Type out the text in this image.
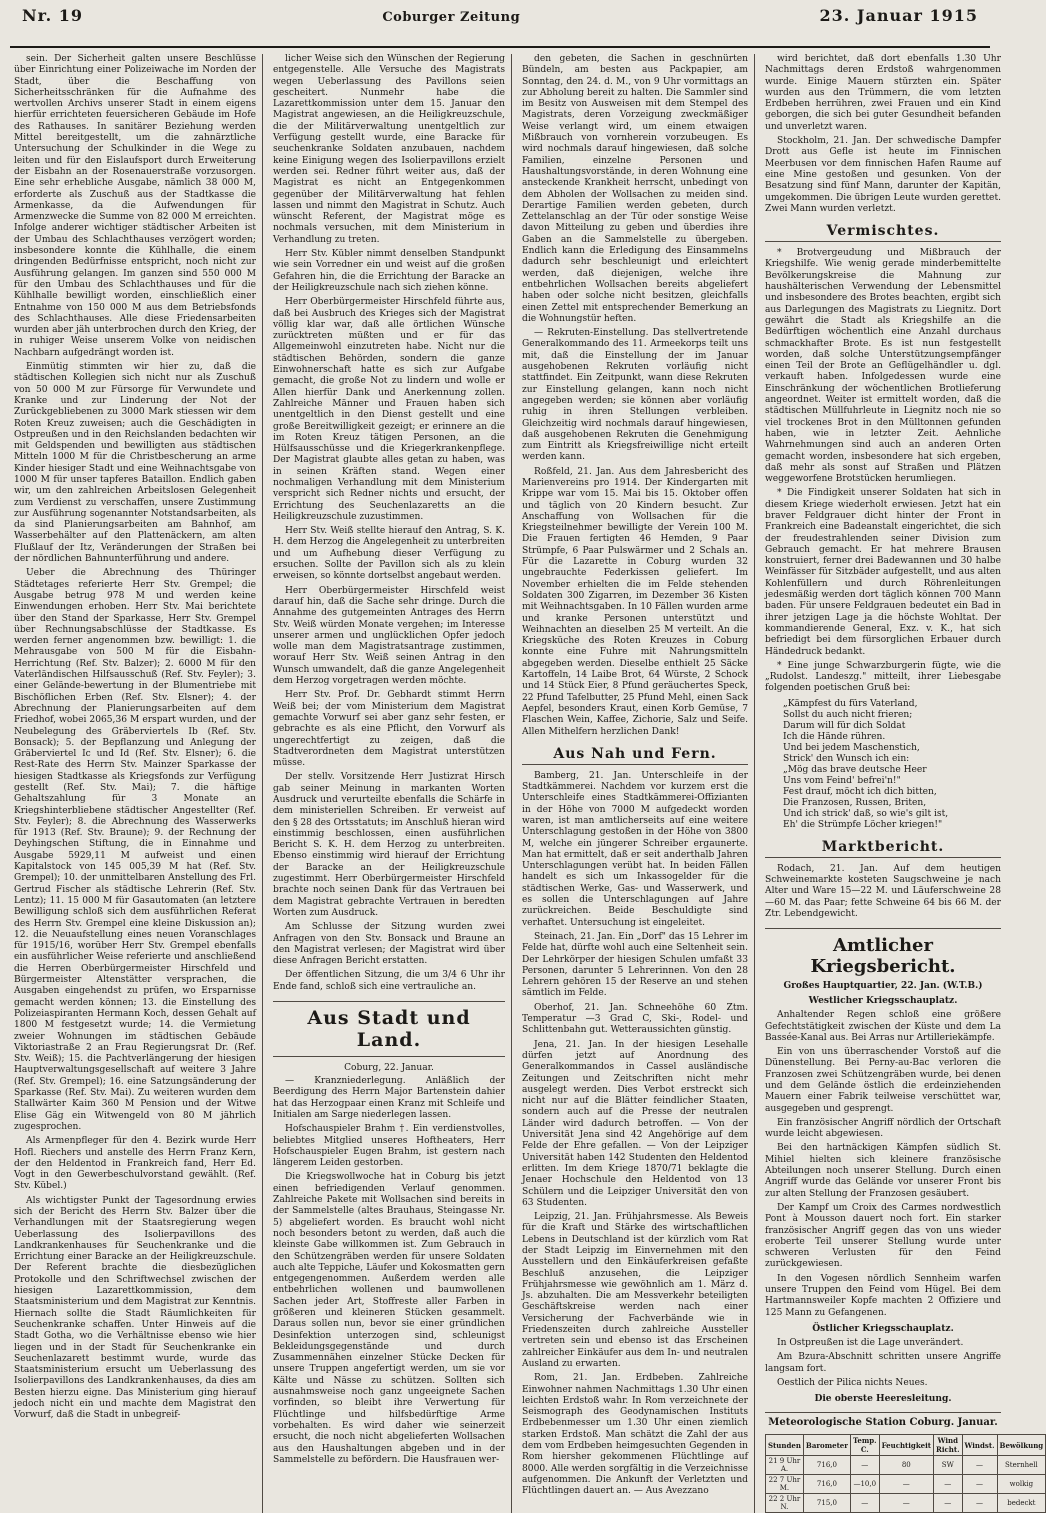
Nr. 19	Coburger Zeitung	23. Januar 1915

sein. Der Sicherheit galten unsere Beschlüsse über Einrichtung einer Polizeiwache im Norden der Stadt, über die Beschaffung von Sicherheitsschränken für die Aufnahme des wertvollen Archivs unserer Stadt in einem eigens hierfür errichteten feuersicheren Gebäude im Hofe des Rathauses. In sanitärer Beziehung werden Mittel bereitgestellt, um die zahnärztliche Untersuchung der Schulkinder in die Wege zu leiten und für den Eislaufsport durch Erweiterung der Eisbahn an der Rosenauerstraße vorzusorgen. Eine sehr erhebliche Ausgabe, nämlich 38 000 M, erforderte als Zuschuß aus der Stadtkasse die Armenkasse, da die Aufwendungen für Armenzwecke die Summe von 82 000 M erreichten. Infolge anderer wichtiger städtischer Arbeiten ist der Umbau des Schlachthauses verzögert worden; insbesondere konnte die Kühlhalle, die einem dringenden Bedürfnisse entspricht, noch nicht zur Ausführung gelangen. Im ganzen sind 550 000 M für den Umbau des Schlachthauses und für die Kühlhalle bewilligt worden, einschließlich einer Entnahme von 150 000 M aus dem Betriebsfonds des Schlachthauses. Alle diese Friedensarbeiten wurden aber jäh unterbrochen durch den Krieg, der in ruhiger Weise unserem Volke von neidischen Nachbarn aufgedrängt worden ist.

Einmütig stimmten wir hier zu, daß die städtischen Kollegien sich nicht nur als Zuschuß von 50 000 M zur Fürsorge für Verwundete und Kranke und zur Linderung der Not der Zurückgebliebenen zu 3000 Mark stiessen wir dem Roten Kreuz zuweisen; auch die Geschädigten in Ostpreußen und in den Reichslanden bedachten wir mit Geldspenden und bewilligten aus städtischen Mitteln 1000 M für die Christbescherung an arme Kinder hiesiger Stadt und eine Weihnachtsgabe von 1000 M für unser tapferes Bataillon. Endlich gaben wir, um den zahlreichen Arbeitslosen Gelegenheit zum Verdienst zu verschaffen, unsere Zustimmung zur Ausführung sogenannter Notstandsarbeiten, als da sind Planierungsarbeiten am Bahnhof, am Wasserbehälter auf den Plattenäckern, am alten Flußlauf der Itz, Veränderungen der Straßen bei der nördlichen Bahnunterführung und andere.

Ueber die Abrechnung des Thüringer Städtetages referierte Herr Stv. Grempel; die Ausgabe betrug 978 M und werden keine Einwendungen erhoben. Herr Stv. Mai berichtete über den Stand der Sparkasse, Herr Stv. Grempel über Rechnungsabschlüsse der Stadtkasse. Es werden ferner angenommen bzw. bewilligt: 1. die Mehrausgabe von 500 M für die Eisbahn-Herrichtung (Ref. Stv. Balzer); 2. 6000 M für den Vaterländischen Hilfsausschuß (Ref. Stv. Feyler); 3. einer Gelände-bewertung in der Blumentriebe mit Bischöflichen Erben (Ref. Stv. Elsner); 4. der Abrechnung der Planierungsarbeiten auf dem Friedhof, wobei 2065,36 M erspart wurden, und der Neubelegung des Gräberviertels Ib (Ref. Stv. Bonsack); 5. der Bepflanzung und Anlegung der Gräberviertel Ic und Id (Ref. Stv. Elsner); 6. die Rest-Rate des Herrn Stv. Mainzer Sparkasse der hiesigen Stadtkasse als Kriegsfonds zur Verfügung gestellt (Ref. Stv. Mai); 7. die häftige Gehaltszahlung für 3 Monate an Kriegshinterbliebene städtischer Angestellter (Ref. Stv. Feyler); 8. die Abrechnung des Wasserwerks für 1913 (Ref. Stv. Braune); 9. der Rechnung der Deyhingschen Stiftung, die in Einnahme und Ausgabe 5929,11 M aufweist und einen Kapitalstock von 145 005,39 M hat (Ref. Stv. Grempel); 10. der unmittelbaren Anstellung des Frl. Gertrud Fischer als städtische Lehrerin (Ref. Stv. Lentz); 11. 15 000 M für Gasautomaten (an letztere Bewilligung schloß sich dem ausführlichen Referat des Herrn Stv. Grempel eine kleine Diskussion an); 12. die Neuaufstellung eines neuen Voranschlages für 1915/16, worüber Herr Stv. Grempel ebenfalls ein ausführlicher Weise referierte und anschließend die Herren Oberbürgermeister Hirschfeld und Bürgermeister Altenstätter versprachen, die Ausgaben eingehendst zu prüfen, wo Ersparnisse gemacht werden können; 13. die Einstellung des Polizeiaspiranten Hermann Koch, dessen Gehalt auf 1800 M festgesetzt wurde; 14. die Vermietung zweier Wohnungen im städtischen Gebäude Viktoriastraße 2 an Frau Regierungsrat Dr. (Ref. Stv. Weiß); 15. die Pachtverlängerung der hiesigen Hauptverwaltungsgesellschaft auf weitere 3 Jahre (Ref. Stv. Grempel); 16. eine Satzungsänderung der Sparkasse (Ref. Stv. Mai). Zu weiteren wurden dem Stallwärter Kaim 360 M Pension und der Witwe Elise Gäg ein Witwengeld von 80 M jährlich zugesprochen.

Als Armenpfleger für den 4. Bezirk wurde Herr Hofl. Riechers und anstelle des Herrn Franz Kern, der den Heldentod in Frankreich fand, Herr Ed. Vogt in den Gewerbeschulvorstand gewählt. (Ref. Stv. Kübel.)

Als wichtigster Punkt der Tagesordnung erwies sich der Bericht des Herrn Stv. Balzer über die Verhandlungen mit der Staatsregierung wegen Ueberlassung des Isolierpavillons des Landkrankenhauses für Seuchenkranke und die Errichtung einer Baracke an der Heiligkreuzschule. Der Referent brachte die diesbezüglichen Protokolle und den Schriftwechsel zwischen der hiesigen Lazarettkommission, dem Staatsministerium und dem Magistrat zur Kenntnis. Hiernach sollte die Stadt Räumlichkeiten für Seuchenkranke schaffen. Unter Hinweis auf die Stadt Gotha, wo die Verhältnisse ebenso wie hier liegen und in der Stadt für Seuchenkranke ein Seuchenlazarett bestimmt wurde, wurde das Staatsministerium ersucht um Ueberlassung des Isolierpavillons des Landkrankenhauses, da dies am Besten hierzu eigne. Das Ministerium ging hierauf jedoch nicht ein und machte dem Magistrat den Vorwurf, daß die Stadt in unbegreif-

licher Weise sich den Wünschen der Regierung entgegenstelle. Alle Versuche des Magistrats wegen Ueberlassung des Pavillons seien gescheitert. Nunmehr habe die Lazarettkommission unter dem 15. Januar den Magistrat angewiesen, an die Heiligkreuzschule, die der Militärverwaltung unentgeltlich zur Verfügung gestellt wurde, eine Baracke für seuchenkranke Soldaten anzubauen, nachdem keine Einigung wegen des Isolierpavillons erzielt werden sei. Redner führt weiter aus, daß der Magistrat es nicht an Entgegenkommen gegenüber der Militärverwaltung hat fehlen lassen und nimmt den Magistrat in Schutz. Auch wünscht Referent, der Magistrat möge es nochmals versuchen, mit dem Ministerium in Verhandlung zu treten.

Herr Stv. Kübler nimmt denselben Standpunkt wie sein Vorredner ein und weist auf die großen Gefahren hin, die die Errichtung der Baracke an der Heiligkreuzschule nach sich ziehen könne.

Herr Oberbürgermeister Hirschfeld führte aus, daß bei Ausbruch des Krieges sich der Magistrat völlig klar war, daß alle örtlichen Wünsche zurücktreten müßten und er für das Allgemeinwohl einzutreten habe. Nicht nur die städtischen Behörden, sondern die ganze Einwohnerschaft hatte es sich zur Aufgabe gemacht, die große Not zu lindern und wolle er Allen hierfür Dank und Anerkennung zollen. Zahlreiche Männer und Frauen haben sich unentgeltlich in den Dienst gestellt und eine große Bereitwilligkeit gezeigt; er erinnere an die im Roten Kreuz tätigen Personen, an die Hülfsausschüsse und die Kriegerkrankenpflege. Der Magistrat glaubte alles getan zu haben, was in seinen Kräften stand. Wegen einer nochmaligen Verhandlung mit dem Ministerium verspricht sich Redner nichts und ersucht, der Errichtung des Seuchenlazaretts an die Heiligkreuzschule zuzustimmen.

Herr Stv. Weiß stellte hierauf den Antrag, S. K. H. dem Herzog die Angelegenheit zu unterbreiten und um Aufhebung dieser Verfügung zu ersuchen. Sollte der Pavillon sich als zu klein erweisen, so könnte dortselbst angebaut werden.

Herr Oberbürgermeister Hirschfeld weist darauf hin, daß die Sache sehr dringe. Durch die Annahme des gutgemeinten Antrages des Herrn Stv. Weiß würden Monate vergehen; im Interesse unserer armen und unglücklichen Opfer jedoch wolle man dem Magistratsantrage zustimmen, worauf Herr Stv. Weiß seinen Antrag in den Wunsch umwandelt, daß die ganze Angelegenheit dem Herzog vorgetragen werden möchte.

Herr Stv. Prof. Dr. Gebhardt stimmt Herrn Weiß bei; der vom Ministerium dem Magistrat gemachte Vorwurf sei aber ganz sehr festen, er gebrachte es als eine Pflicht, den Vorwurf als ungerechtfertigt zu zeigen, daß die Stadtverordneten dem Magistrat unterstützen müsse.

Der stellv. Vorsitzende Herr Justizrat Hirsch gab seiner Meinung in markanten Worten Ausdruck und verurteilte ebenfalls die Schärfe in dem ministeriellen Schreiben. Er verweist auf den § 28 des Ortsstatuts; im Anschluß hieran wird einstimmig beschlossen, einen ausführlichen Bericht S. K. H. dem Herzog zu unterbreiten. Ebenso einstimmig wird hierauf der Errichtung der Baracke an der Heiligkreuzschule zugestimmt. Herr Oberbürgermeister Hirschfeld brachte noch seinen Dank für das Vertrauen bei dem Magistrat gebrachte Vertrauen in beredten Worten zum Ausdruck.

Am Schlusse der Sitzung wurden zwei Anfragen von den Stv. Bonsack und Braune an den Magistrat verlesen; der Magistrat wird über diese Anfragen Bericht erstatten.

Der öffentlichen Sitzung, die um 3/4 6 Uhr ihr Ende fand, schloß sich eine vertrauliche an.

Aus Stadt und Land.
Coburg, 22. Januar.

— Kranzniederlegung. Anläßlich der Beerdigung des Herrn Major Bartenstein dahier hat das Herzogpaar einen Kranz mit Schleife und Initialen am Sarge niederlegen lassen.

Hofschauspieler Brahm †. Ein verdienstvolles, beliebtes Mitglied unseres Hoftheaters, Herr Hofschauspieler Eugen Brahm, ist gestern nach längerem Leiden gestorben.

Die Kriegswollwoche hat in Coburg bis jetzt einen befriedigenden Verlauf genommen. Zahlreiche Pakete mit Wollsachen sind bereits in der Sammelstelle (altes Brauhaus, Steingasse Nr. 5) abgeliefert worden. Es braucht wohl nicht noch besonders betont zu werden, daß auch die kleinste Gabe willkommen ist. Zum Gebrauch in den Schützengräben werden für unsere Soldaten auch alte Teppiche, Läufer und Kokosmatten gern entgegengenommen. Außerdem werden alle entbehrlichen wollenen und baumwollenen Sachen jeder Art, Stoffreste aller Farben in größeren und kleineren Stücken gesammelt. Daraus sollen nun, bevor sie einer gründlichen Desinfektion unterzogen sind, schleunigst Bekleidungsgegenstände und durch Zusammennähen einzelner Stücke Decken für unsere Truppen angefertigt werden, um sie vor Kälte und Nässe zu schützen. Sollten sich ausnahmsweise noch ganz ungeeignete Sachen vorfinden, so bleibt ihre Verwertung für Flüchtlinge und hilfsbedürftige Arme vorbehalten. Es wird daher wie seinerzeit ersucht, die noch nicht abgelieferten Wollsachen aus den Haushaltungen abgeben und in der Sammelstelle zu befördern. Die Hausfrauen wer-

den gebeten, die Sachen in geschnürten Bündeln, am besten aus Packpapier, am Sonntag, den 24. d. M., von 9 Uhr vormittags an zur Abholung bereit zu halten. Die Sammler sind im Besitz von Ausweisen mit dem Stempel des Magistrats, deren Vorzeigung zweckmäßiger Weise verlangt wird, um einem etwaigen Mißbrauch von vornherein vorzubeugen. Es wird nochmals darauf hingewiesen, daß solche Familien, einzelne Personen und Haushaltungsvorstände, in deren Wohnung eine ansteckende Krankheit herrscht, unbedingt von dem Abholen der Wollsachen zu meiden sind. Derartige Familien werden gebeten, durch Zettelanschlag an der Tür oder sonstige Weise davon Mitteilung zu geben und überdies ihre Gaben an die Sammelstelle zu übergeben. Endlich kann die Erledigung des Einsammelns dadurch sehr beschleunigt und erleichtert werden, daß diejenigen, welche ihre entbehrlichen Wollsachen bereits abgeliefert haben oder solche nicht besitzen, gleichfalls einen Zettel mit entsprechender Bemerkung an die Wohnungstür heften.

— Rekruten-Einstellung. Das stellvertretende Generalkommando des 11. Armeekorps teilt uns mit, daß die Einstellung der im Januar ausgehobenen Rekruten vorläufig nicht stattfindet. Ein Zeitpunkt, wann diese Rekruten zur Einstellung gelangen, kann noch nicht angegeben werden; sie können aber vorläufig ruhig in ihren Stellungen verbleiben. Gleichzeitig wird nochmals darauf hingewiesen, daß ausgehobenen Rekruten die Genehmigung zum Eintritt als Kriegsfreiwillige nicht erteilt werden kann.

Roßfeld, 21. Jan. Aus dem Jahresbericht des Marienvereins pro 1914. Der Kindergarten mit Krippe war vom 15. Mai bis 15. Oktober offen und täglich von 20 Kindern besucht. Zur Anschaffung von Wollsachen für die Kriegsteilnehmer bewilligte der Verein 100 M. Die Frauen fertigten 46 Hemden, 9 Paar Strümpfe, 6 Paar Pulswärmer und 2 Schals an. Für die Lazarette in Coburg wurden 32 ungebrauchte Federkissen geliefert. Im November erhielten die im Felde stehenden Soldaten 300 Zigarren, im Dezember 36 Kisten mit Weihnachtsgaben. In 10 Fällen wurden arme und kranke Personen unterstützt und Weihnachten an dieselben 25 M verteilt. An die Kriegsküche des Roten Kreuzes in Coburg konnte eine Fuhre mit Nahrungsmitteln abgegeben werden. Dieselbe enthielt 25 Säcke Kartoffeln, 14 Laibe Brot, 64 Würste, 2 Schock und 14 Stück Eier, 8 Pfund geräuchertes Speck, 22 Pfund Tafelbutter, 25 Pfund Mehl, einen Sack Aepfel, besonders Kraut, einen Korb Gemüse, 7 Flaschen Wein, Kaffee, Zichorie, Salz und Seife. Allen Mithelfern herzlichen Dank!

Aus Nah und Fern.

Bamberg, 21. Jan. Unterschleife in der Stadtkämmerei. Nachdem vor kurzem erst die Unterschleife eines Stadtkämmerei-Offizianten in der Höhe von 7000 M aufgedeckt worden waren, ist man amtlicherseits auf eine weitere Unterschlagung gestoßen in der Höhe von 3800 M, welche ein jüngerer Schreiber ergaunerte. Man hat ermittelt, daß er seit anderthalb Jahren Unterschlagungen verübt hat. In beiden Fällen handelt es sich um Inkassogelder für die städtischen Werke, Gas- und Wasserwerk, und es sollen die Unterschlagungen auf Jahre zurückreichen. Beide Beschuldigte sind verhaftet. Untersuchung ist eingeleitet.

Steinach, 21. Jan. Ein „Dorf" das 15 Lehrer im Felde hat, dürfte wohl auch eine Seltenheit sein. Der Lehrkörper der hiesigen Schulen umfaßt 33 Personen, darunter 5 Lehrerinnen. Von den 28 Lehrern gehören 15 der Reserve an und stehen sämtlich im Felde.

Oberhof, 21. Jan. Schneehöhe 60 Ztm. Temperatur —3 Grad C, Ski-, Rodel- und Schlittenbahn gut. Wetteraussichten günstig.

Jena, 21. Jan. In der hiesigen Lesehalle dürfen jetzt auf Anordnung des Generalkommandos in Cassel ausländische Zeitungen und Zeitschriften nicht mehr ausgelegt werden. Dies Verbot erstreckt sich nicht nur auf die Blätter feindlicher Staaten, sondern auch auf die Presse der neutralen Länder wird dadurch betroffen. — Von der Universität Jena sind 42 Angehörige auf dem Felde der Ehre gefallen. — Von der Leipziger Universität haben 142 Studenten den Heldentod erlitten. Im dem Kriege 1870/71 beklagte die Jenaer Hochschule den Heldentod von 13 Schülern und die Leipziger Universität den von 63 Studenten.

Leipzig, 21. Jan. Frühjahrsmesse. Als Beweis für die Kraft und Stärke des wirtschaftlichen Lebens in Deutschland ist der kürzlich vom Rat der Stadt Leipzig im Einvernehmen mit den Ausstellern und den Einkäuferkreisen gefaßte Beschluß anzusehen, die Leipziger Frühjahrsmesse wie gewöhnlich am 1. März d. Js. abzuhalten. Die am Messverkehr beteiligten Geschäftskreise werden nach einer Versicherung der Fachverbände wie in Friedenszeiten durch zahlreiche Aussteller vertreten sein und ebenso ist das Erscheinen zahlreicher Einkäufer aus dem In- und neutralen Ausland zu erwarten.

Rom, 21. Jan. Erdbeben. Zahlreiche Einwohner nahmen Nachmittags 1.30 Uhr einen leichten Erdstoß wahr. In Rom verzeichnete der Seismograph des Geodynamischen Instituts Erdbebenmesser um 1.30 Uhr einen ziemlich starken Erdstoß. Man schätzt die Zahl der aus dem vom Erdbeben heimgesuchten Gegenden in Rom hiersher gekommenen Flüchtlinge auf 8000. Alle werden sorgfältig in die Verzeichnisse aufgenommen. Die Ankunft der Verletzten und Flüchtlingen dauert an. — Aus Avezzano

wird berichtet, daß dort ebenfalls 1.30 Uhr Nachmittags deren Erdstoß wahrgenommen wurde. Einige Mauern stürzten ein. Später wurden aus den Trümmern, die vom letzten Erdbeben herrühren, zwei Frauen und ein Kind geborgen, die sich bei guter Gesundheit befanden und unverletzt waren.

Stockholm, 21. Jan. Der schwedische Dampfer Drott aus Gefle ist heute im Finnischen Meerbusen vor dem finnischen Hafen Raume auf eine Mine gestoßen und gesunken. Von der Besatzung sind fünf Mann, darunter der Kapitän, umgekommen. Die übrigen Leute wurden gerettet. Zwei Mann wurden verletzt.

Vermischtes.

* Brotvergeudung und Mißbrauch der Kriegshilfe. Wie wenig gerade minderbemittelte Bevölkerungskreise die Mahnung zur haushälterischen Verwendung der Lebensmittel und insbesondere des Brotes beachten, ergibt sich aus Darlegungen des Magistrats zu Liegnitz. Dort gewährt die Stadt als Kriegshilfe an die Bedürftigen wöchentlich eine Anzahl durchaus schmackhafter Brote. Es ist nun festgestellt worden, daß solche Unterstützungsempfänger einen Teil der Brote an Geflügelhändler u. dgl. verkauft haben. Infolgedessen wurde eine Einschränkung der wöchentlichen Brotlieferung angeordnet. Weiter ist ermittelt worden, daß die städtischen Müllfuhrleute in Liegnitz noch nie so viel trockenes Brot in den Mülltonnen gefunden haben, wie in letzter Zeit. Aehnliche Wahrnehmungen sind auch an anderen Orten gemacht worden, insbesondere hat sich ergeben, daß mehr als sonst auf Straßen und Plätzen weggeworfene Brotstücken herumliegen.

* Die Findigkeit unserer Soldaten hat sich in diesem Kriege wiederholt erwiesen. Jetzt hat ein braver Feldgrauer dicht hinter der Front in Frankreich eine Badeanstalt eingerichtet, die sich der freudestrahlenden seiner Division zum Gebrauch gemacht. Er hat mehrere Brausen konstruiert, ferner drei Badewannen und 30 halbe Weinfässer für Sitzbäder aufgestellt, und aus alten Kohlenfüllern und durch Röhrenleitungen jedesmäßig werden dort täglich können 700 Mann baden. Für unsere Feldgrauen bedeutet ein Bad in ihrer jetzigen Lage ja die höchste Wohltat. Der kommandierende General, Exz. v. K., hat sich befriedigt bei dem fürsorglichen Erbauer durch Händedruck bedankt.

* Eine junge Schwarzburgerin fügte, wie die „Rudolst. Landeszg." mitteilt, ihrer Liebesgabe folgenden poetischen Gruß bei:

„Kämpfest du fürs Vaterland,
Sollst du auch nicht frieren;
Darum will für dich Soldat
Ich die Hände rühren.
Und bei jedem Maschenstich,
Strick' den Wunsch ich ein:
„Mög das brave deutsche Heer
Uns vom Feind' befrei'n!"
Fest drauf, möcht ich dich bitten,
Die Franzosen, Russen, Briten,
Und ich strick' daß, so wie's gilt ist,
Eh' die Strümpfe Löcher kriegen!"
Marktbericht.

Rodach, 21. Jan. Auf dem heutigen Schweinemarkte kosteten Saugschweine je nach Alter und Ware 15—22 M. und Läuferschweine 28—60 M. das Paar; fette Schweine 64 bis 66 M. der Ztr. Lebendgewicht.

Amtlicher Kriegsbericht.
Großes Hauptquartier, 22. Jan. (W.T.B.)
Westlicher Kriegsschauplatz.

Anhaltender Regen schloß eine größere Gefechtstätigkeit zwischen der Küste und dem La Bassée-Kanal aus. Bei Arras nur Artilleriekämpfe.

Ein von uns überraschender Vorstoß auf die Dünenstellung. Bei Perny-au-Bac verloren die Franzosen zwei Schützengräben wurde, bei denen und dem Gelände östlich die erdeinziehenden Mauern einer Fabrik teilweise verschüttet war, ausgegeben und gesprengt.

Ein französischer Angriff nördlich der Ortschaft wurde leicht abgewiesen.

Bei den hartnäckigen Kämpfen südlich St. Mihiel hielten sich kleinere französische Abteilungen noch unserer Stellung. Durch einen Angriff wurde das Gelände vor unserer Front bis zur alten Stellung der Franzosen gesäubert.

Der Kampf um Croix des Carmes nordwestlich Pont à Mousson dauert noch fort. Ein starker französischer Angriff gegen das von uns wieder eroberte Teil unserer Stellung wurde unter schweren Verlusten für den Feind zurückgewiesen.

In den Vogesen nördlich Sennheim warfen unsere Truppen den Feind vom Hügel. Bei dem Hartmannsweiler Kopfe machten 2 Offiziere und 125 Mann zu Gefangenen.

Östlicher Kriegsschauplatz.

In Ostpreußen ist die Lage unverändert.

Am Bzura-Abschnitt schritten unsere Angriffe langsam fort.

Oestlich der Pilica nichts Neues.

Die oberste Heeresleitung.
Meteorologische Station Coburg. Januar.
Stunden	Barometer	Temp. C.	Feuchtigkeit	Wind Richt.	Windst.	Bewölkung
21 9 Uhr A.	716,0	—	80	SW	—	Sternhell
22 7 Uhr M.	716,0	—10,0	—	—	—	wolkig
22 2 Uhr N.	715,0	—	—	—	—	bedeckt
